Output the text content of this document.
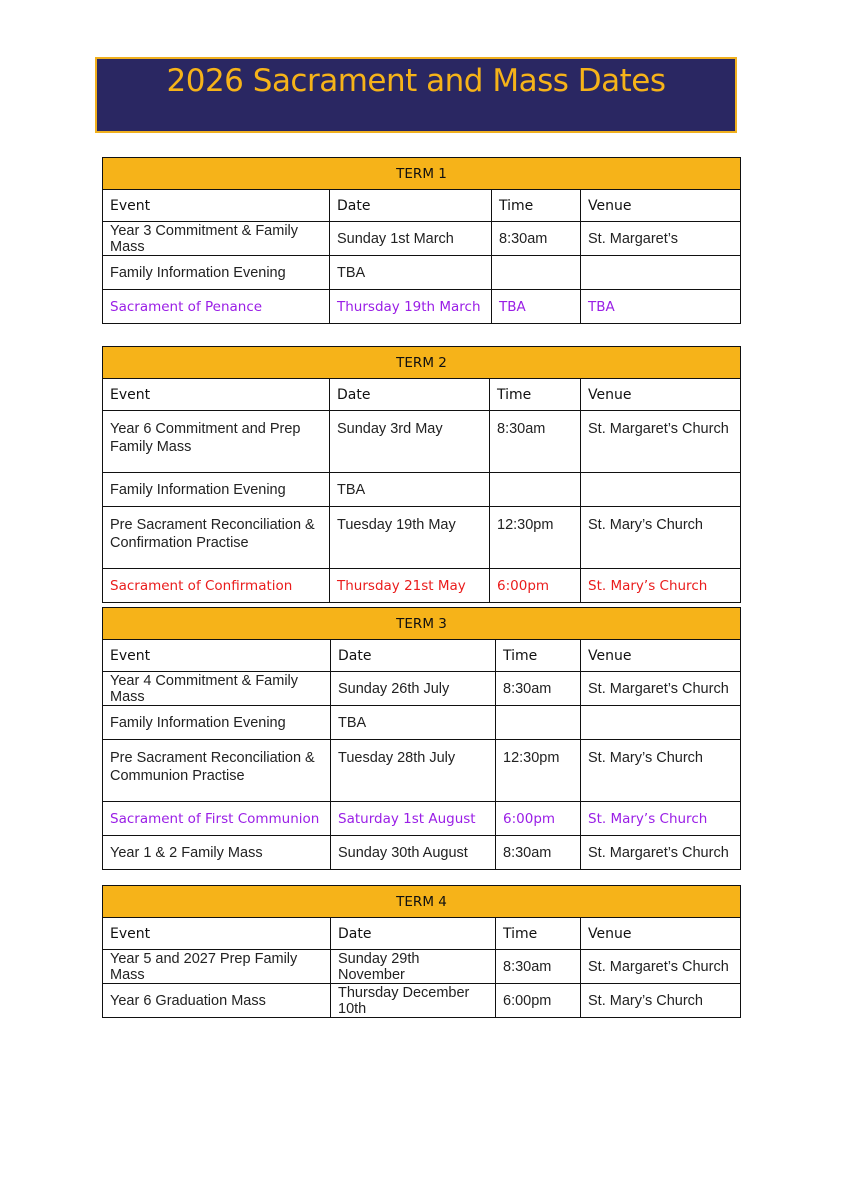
2026 Sacrament and Mass Dates
TERM 1			
Event	Date	Time	Venue
Year 3 Commitment & Family Mass	Sunday 1st March	8:30am	St. Margaret’s
Family Information Evening	TBA		
Sacrament of Penance	Thursday 19th March	TBA	TBA
TERM 2			
Event	Date	Time	Venue
Year 6 Commitment and Prep Family Mass	Sunday 3rd May	8:30am	St. Margaret’s Church
Family Information Evening	TBA		
Pre Sacrament Reconciliation & Confirmation Practise	Tuesday 19th May	12:30pm	St. Mary’s Church
Sacrament of Confirmation	Thursday 21st May	6:00pm	St. Mary’s Church
TERM 3			
Event	Date	Time	Venue
Year 4 Commitment & Family Mass	Sunday 26th July	8:30am	St. Margaret’s Church
Family Information Evening	TBA		
Pre Sacrament Reconciliation & Communion Practise	Tuesday 28th July	12:30pm	St. Mary’s Church
Sacrament of First Communion	Saturday 1st August	6:00pm	St. Mary’s Church
Year 1 & 2 Family Mass	Sunday 30th August	8:30am	St. Margaret’s Church
TERM 4			
Event	Date	Time	Venue
Year 5 and 2027 Prep Family Mass	Sunday 29th November	8:30am	St. Margaret’s Church
Year 6 Graduation Mass	Thursday December 10th	6:00pm	St. Mary’s Church
